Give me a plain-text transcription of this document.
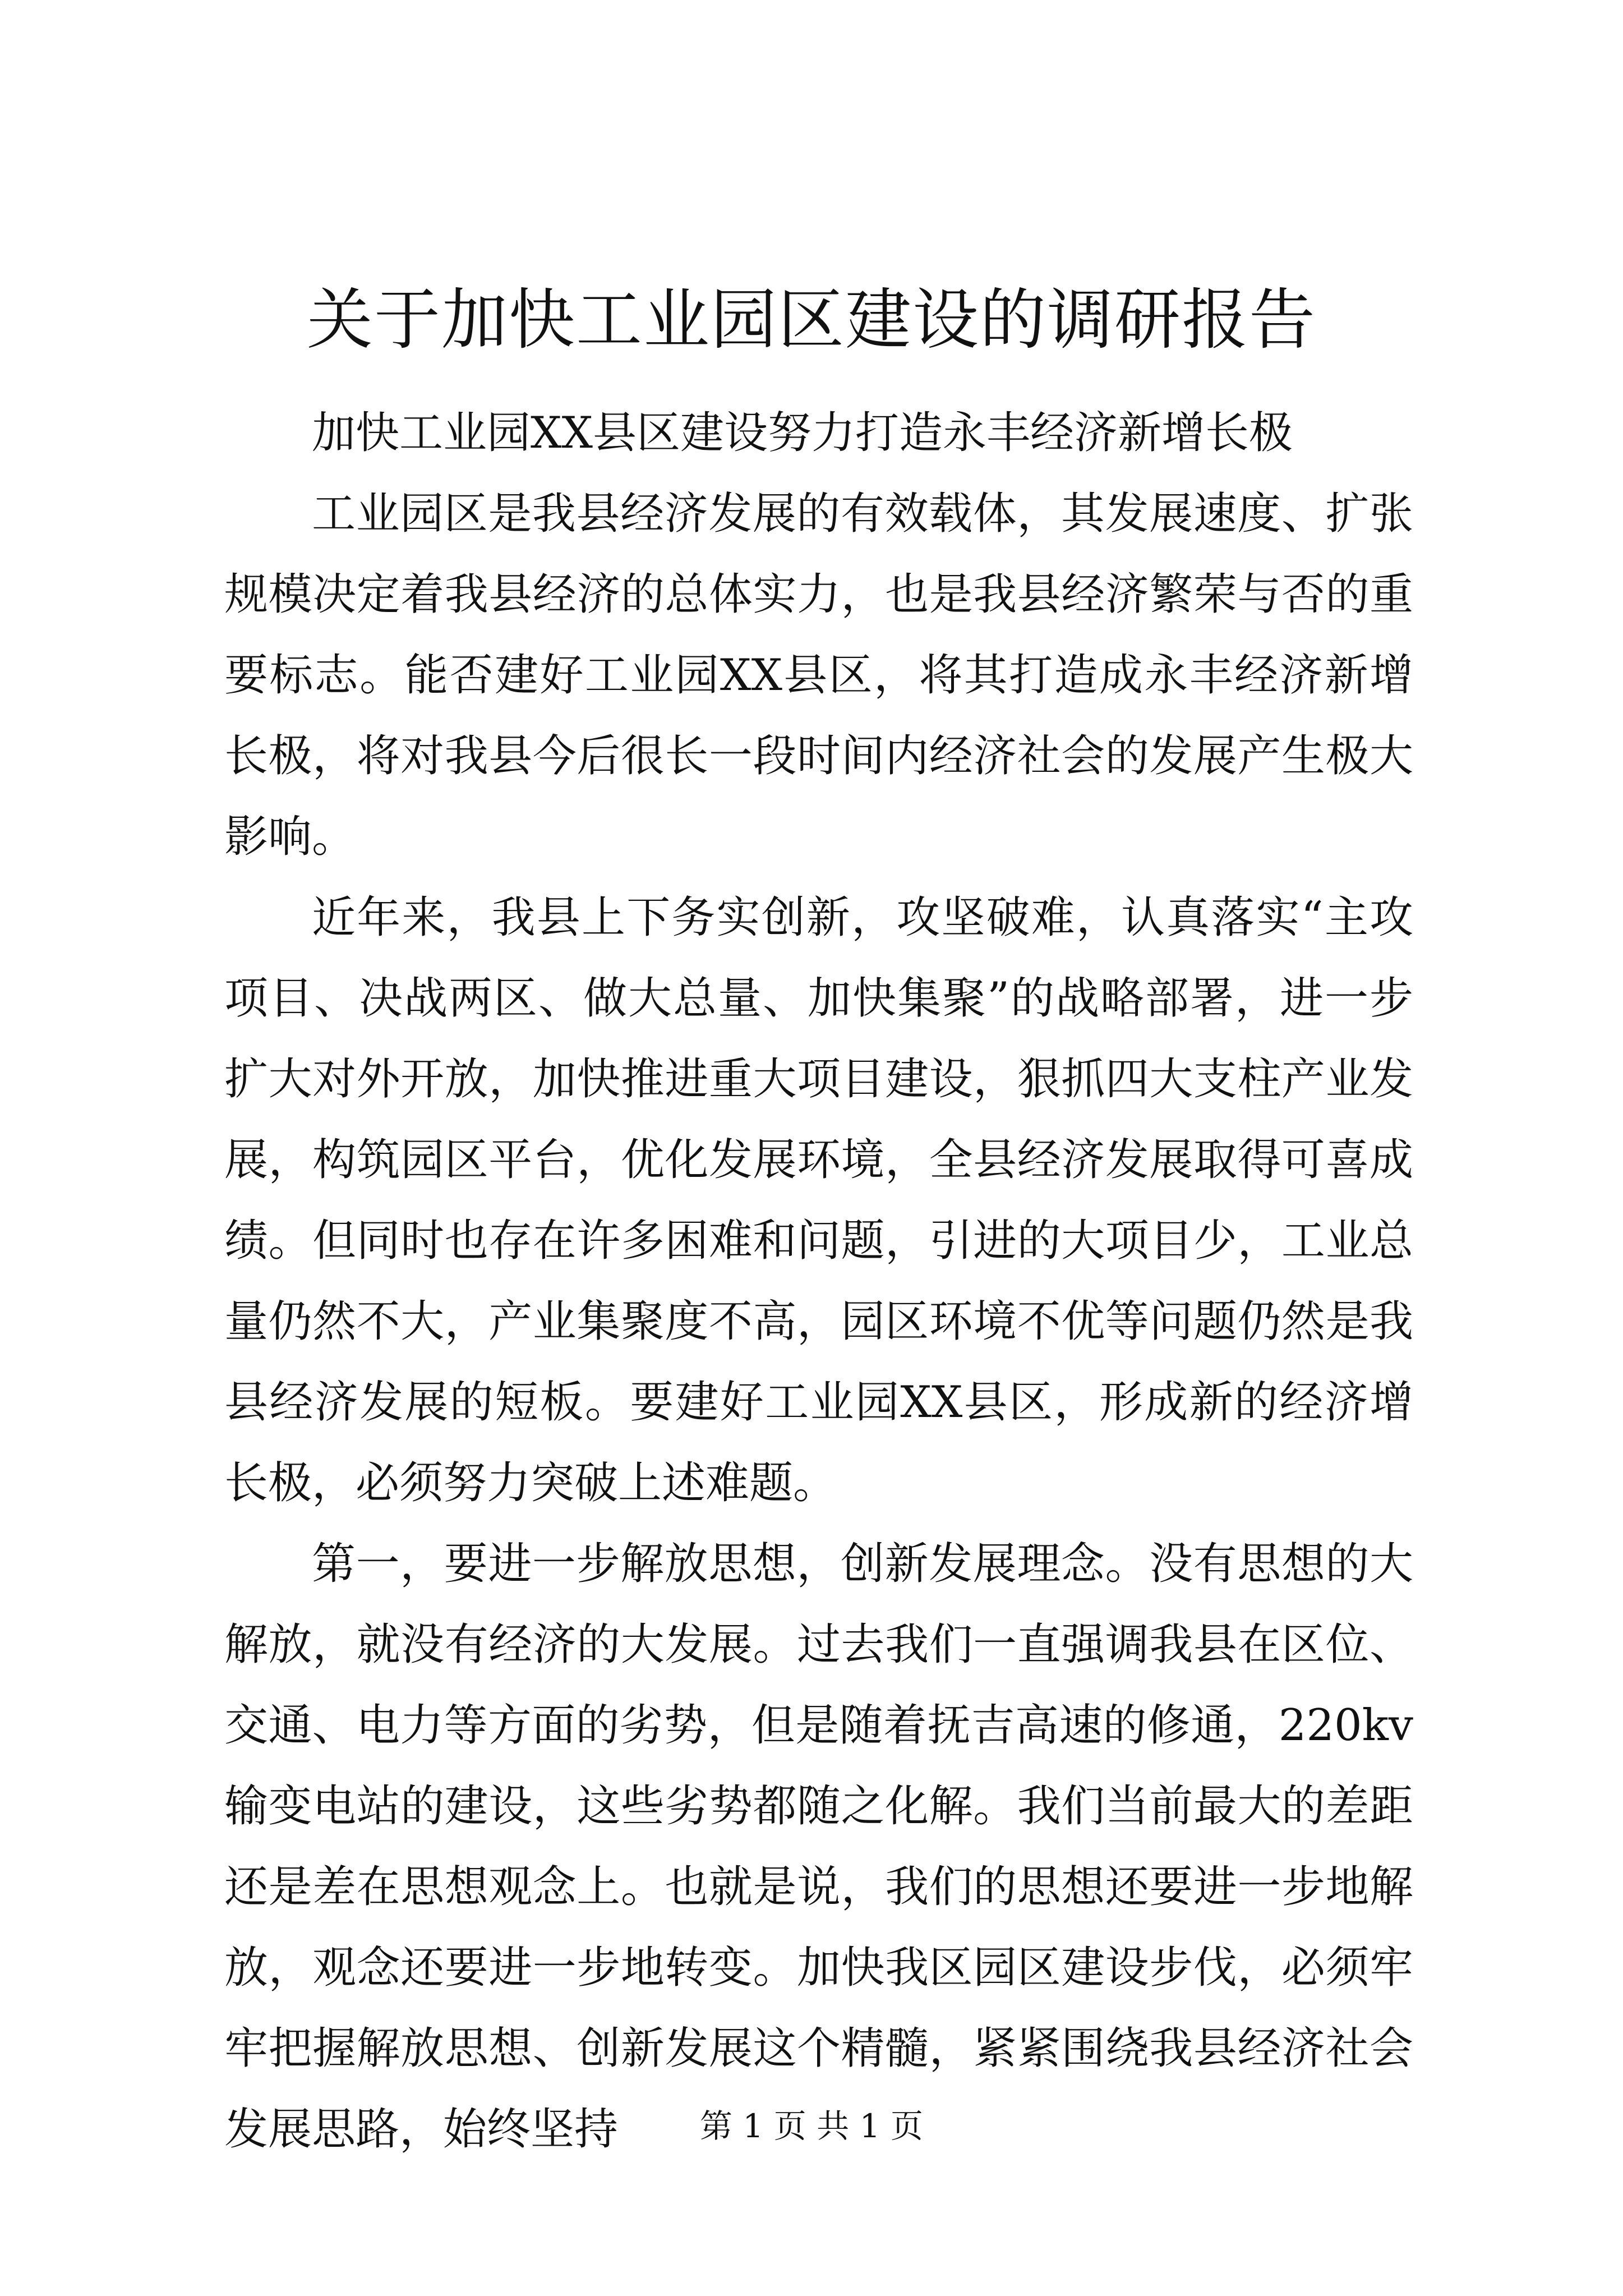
关于加快工业园区建设的调研报告

加快工业园XX县区建设努力打造永丰经济新增长极

工业园区是我县经济发展的有效载体，其发展速度、扩张规模决定着我县经济的总体实力，也是我县经济繁荣与否的重要标志。能否建好工业园XX县区，将其打造成永丰经济新增长极，将对我县今后很长一段时间内经济社会的发展产生极大影响。

近年来，我县上下务实创新，攻坚破难，认真落实“主攻项目、决战两区、做大总量、加快集聚”的战略部署，进一步扩大对外开放，加快推进重大项目建设，狠抓四大支柱产业发展，构筑园区平台，优化发展环境，全县经济发展取得可喜成绩。但同时也存在许多困难和问题，引进的大项目少，工业总量仍然不大，产业集聚度不高，园区环境不优等问题仍然是我县经济发展的短板。要建好工业园XX县区，形成新的经济增长极，必须努力突破上述难题。

第一，要进一步解放思想，创新发展理念。没有思想的大解放，就没有经济的大发展。过去我们一直强调我县在区位、交通、电力等方面的劣势，但是随着抚吉高速的修通，220kv输变电站的建设，这些劣势都随之化解。我们当前最大的差距还是差在思想观念上。也就是说，我们的思想还要进一步地解放，观念还要进一步地转变。加快我区园区建设步伐，必须牢牢把握解放思想、创新发展这个精髓，紧紧围绕我县经济社会发展思路，始终坚持	第 1 页 共 1 页
